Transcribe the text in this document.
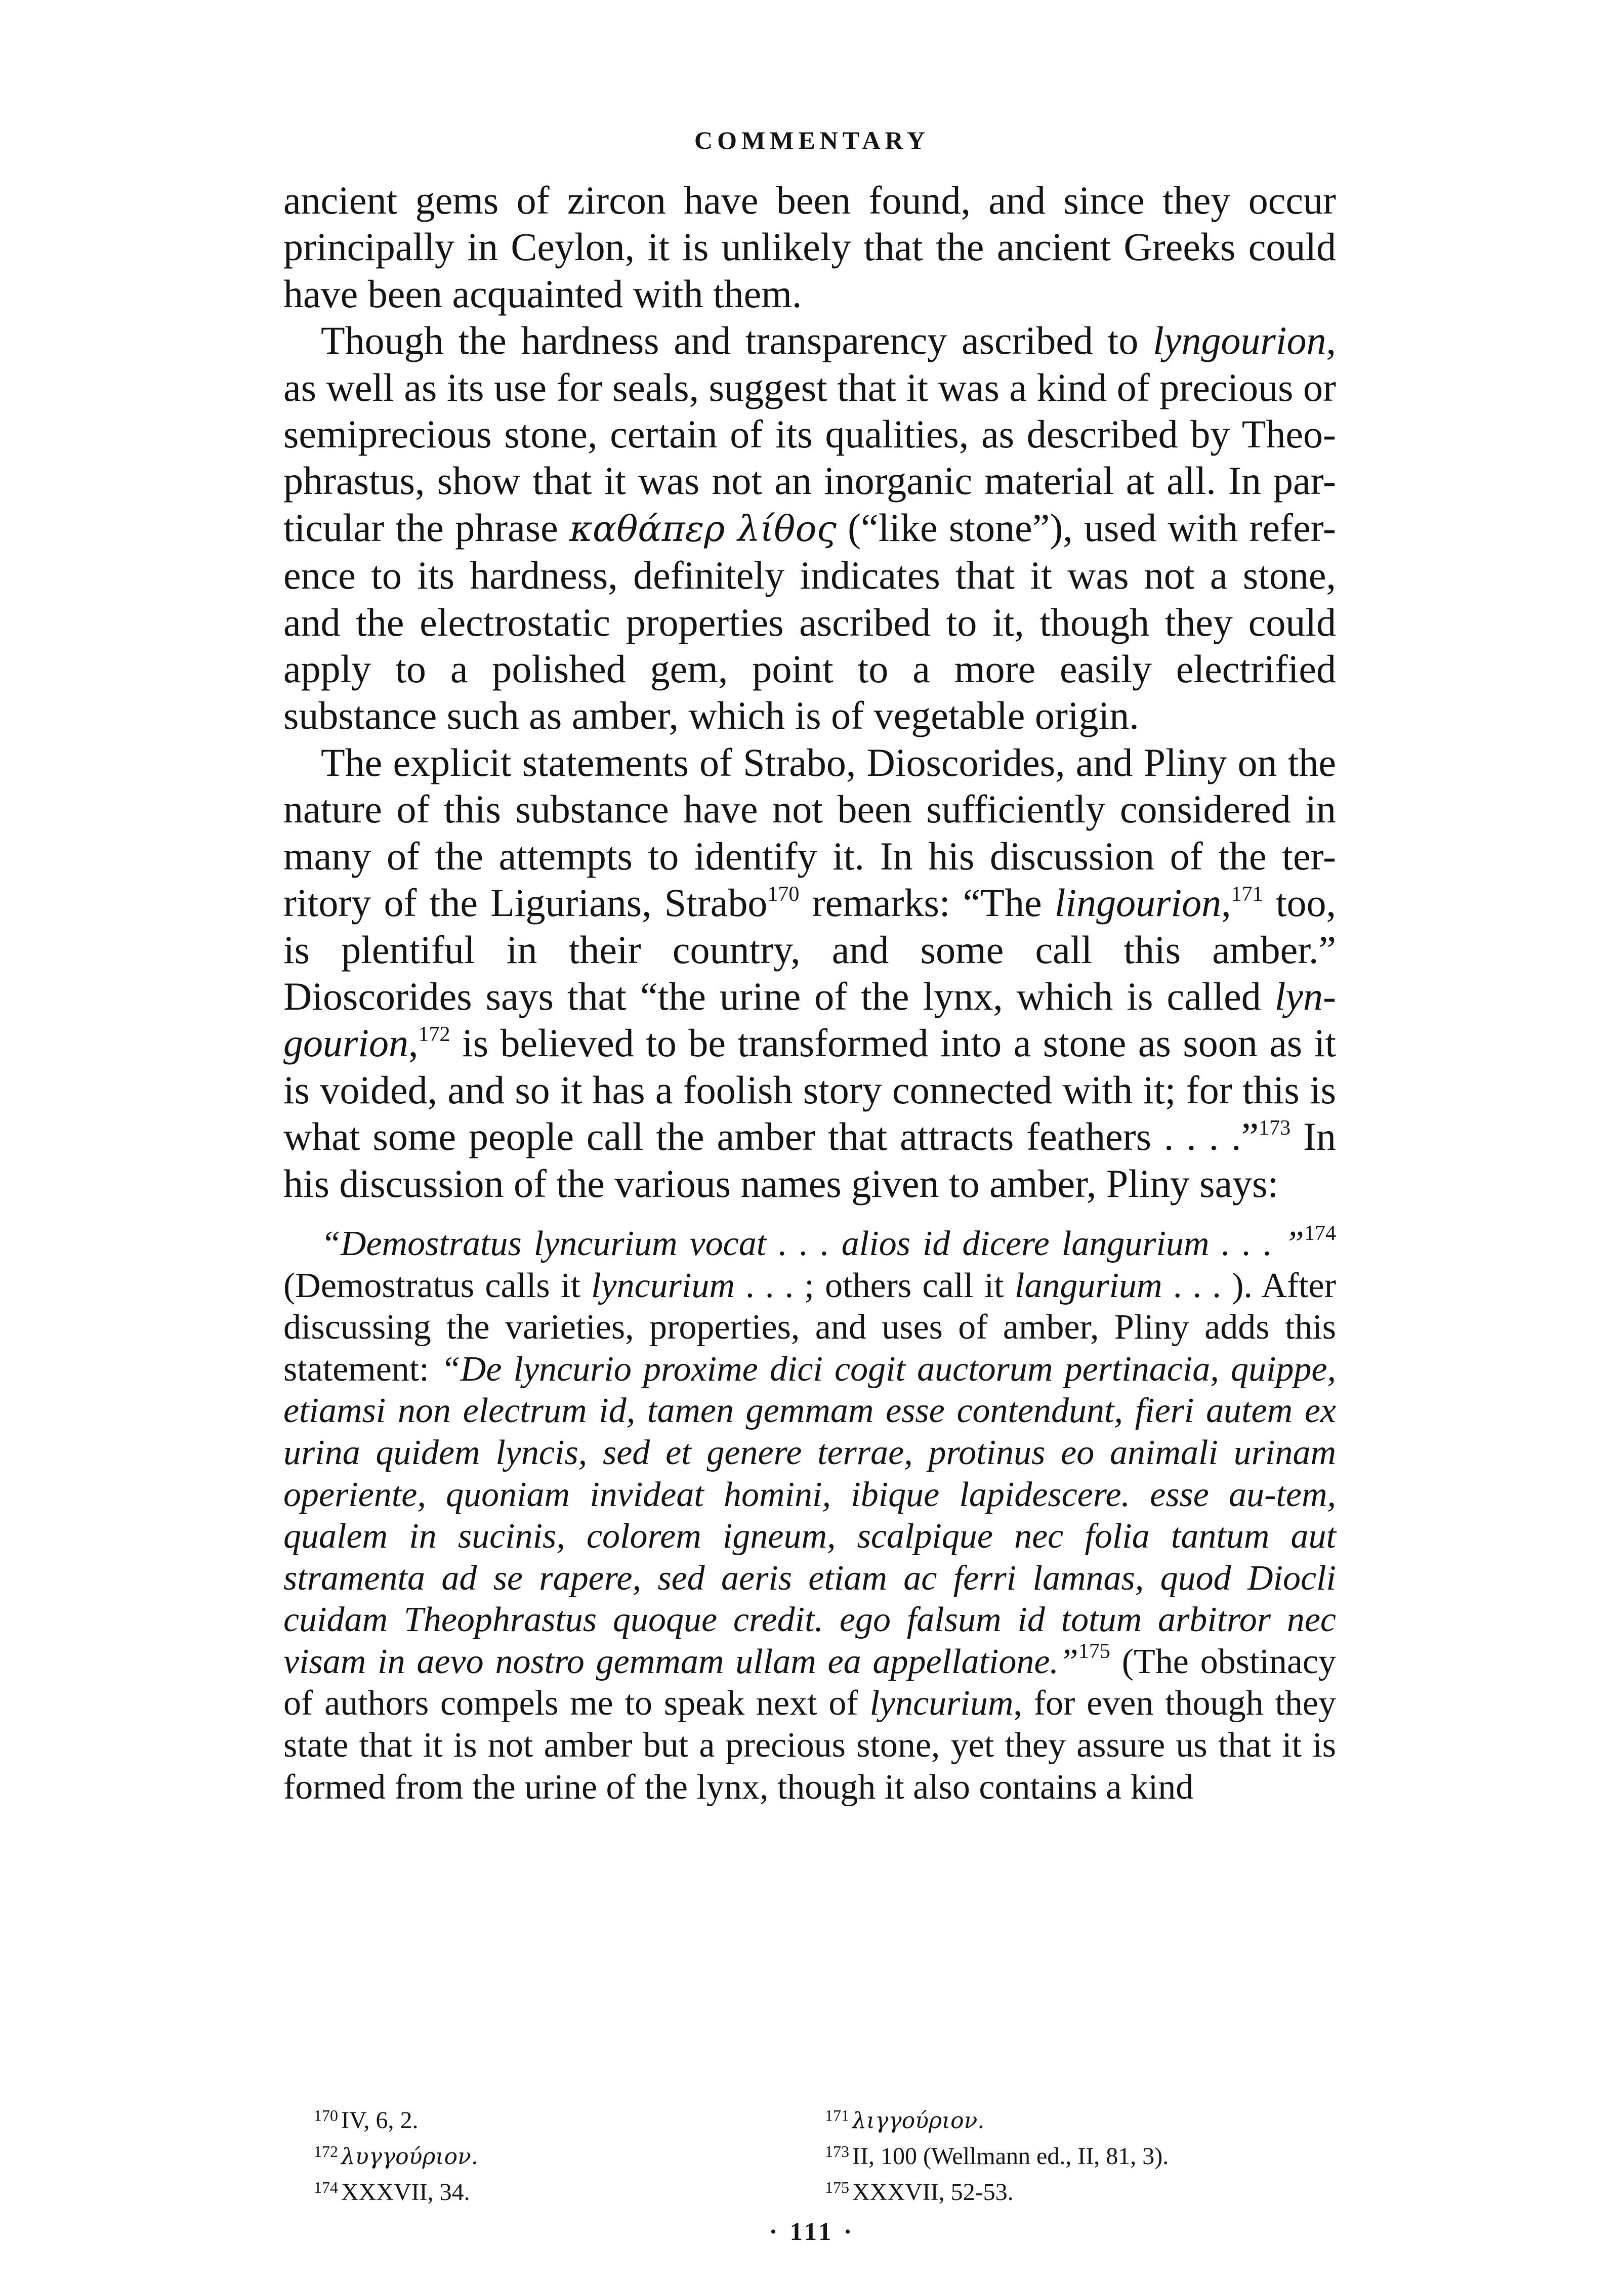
COMMENTARY

ancient gems of zircon have been found, and since they occur principally in Ceylon, it is unlikely that the ancient Greeks could have been acquainted with them.

Though the hardness and transparency ascribed to lyngourion, as well as its use for seals, suggest that it was a kind of precious or semiprecious stone, certain of its qualities, as described by Theo-phrastus, show that it was not an inorganic material at all. In par-ticular the phrase καθάπερ λίθος (“like stone”), used with refer-ence to its hardness, definitely indicates that it was not a stone, and the electrostatic properties ascribed to it, though they could apply to a polished gem, point to a more easily electrified substance such as amber, which is of vegetable origin.

The explicit statements of Strabo, Dioscorides, and Pliny on the nature of this substance have not been sufficiently considered in many of the attempts to identify it. In his discussion of the ter-ritory of the Ligurians, Strabo$^{170}$ remarks: “The lingourion,$^{171}$ too, is plentiful in their country, and some call this amber.” Dioscorides says that “the urine of the lynx, which is called lyn-gourion,$^{172}$ is believed to be transformed into a stone as soon as it is voided, and so it has a foolish story connected with it; for this is what some people call the amber that attracts feathers . . . .”$^{173}$ In his discussion of the various names given to amber, Pliny says:

“Demostratus lyncurium vocat . . . alios id dicere langurium . . . ”$^{174}$ (Demostratus calls it lyncurium . . . ; others call it langurium . . . ). After discussing the varieties, properties, and uses of amber, Pliny adds this statement: “De lyncurio proxime dici cogit auctorum pertinacia, quippe, etiamsi non electrum id, tamen gemmam esse contendunt, fieri autem ex urina quidem lyncis, sed et genere terrae, protinus eo animali urinam operiente, quoniam invideat homini, ibique lapidescere. esse au-tem, qualem in sucinis, colorem igneum, scalpique nec folia tantum aut stramenta ad se rapere, sed aeris etiam ac ferri lamnas, quod Diocli cuidam Theophrastus quoque credit. ego falsum id totum arbitror nec visam in aevo nostro gemmam ullam ea appellatione.”$^{175}$ (The obstinacy of authors compels me to speak next of lyncurium, for even though they state that it is not amber but a precious stone, yet they assure us that it is formed from the urine of the lynx, though it also contains a kind

$^{170}$ IV, 6, 2.	$^{171}$ λιγγούριον.
$^{172}$ λυγγούριον.	$^{173}$ II, 100 (Wellmann ed., II, 81, 3).
$^{174}$ XXXVII, 34.	$^{175}$ XXXVII, 52-53.
· 111 ·
